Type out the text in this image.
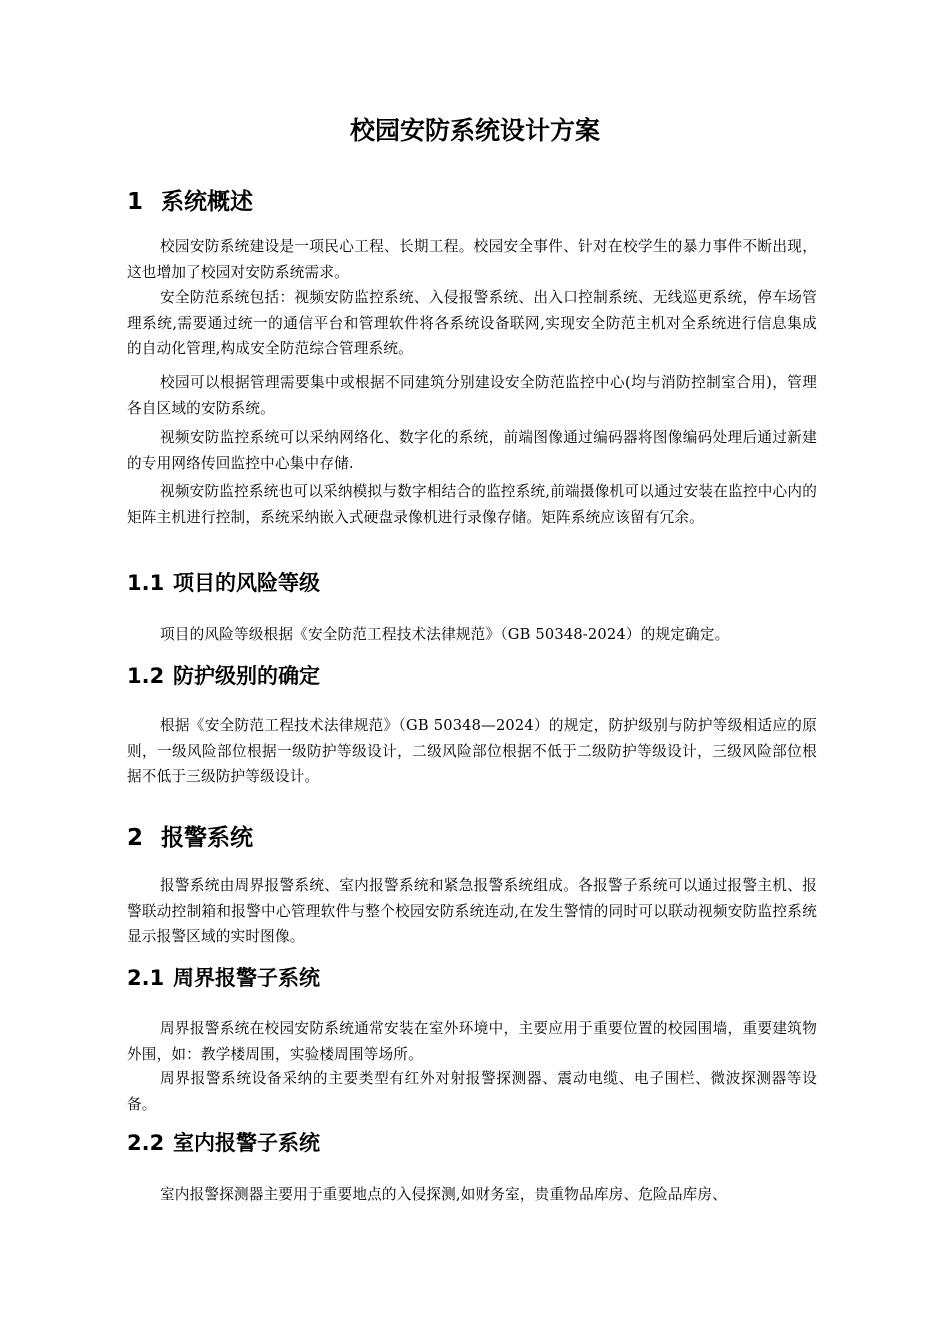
校园安防系统设计方案
1 系统概述

校园安防系统建设是一项民心工程、长期工程。校园安全事件、针对在校学生的暴力事件不断出现，这也增加了校园对安防系统需求。

安全防范系统包括：视频安防监控系统、入侵报警系统、出入口控制系统、无线巡更系统，停车场管理系统,需要通过统一的通信平台和管理软件将各系统设备联网,实现安全防范主机对全系统进行信息集成的自动化管理,构成安全防范综合管理系统。

校园可以根据管理需要集中或根据不同建筑分别建设安全防范监控中心(均与消防控制室合用)，管理各自区域的安防系统。

视频安防监控系统可以采纳网络化、数字化的系统，前端图像通过编码器将图像编码处理后通过新建的专用网络传回监控中心集中存储.

视频安防监控系统也可以采纳模拟与数字相结合的监控系统,前端摄像机可以通过安装在监控中心内的矩阵主机进行控制，系统采纳嵌入式硬盘录像机进行录像存储。矩阵系统应该留有冗余。

1.1 项目的风险等级

项目的风险等级根据《安全防范工程技术法律规范》（GB 50348-2024）的规定确定。

1.2 防护级别的确定

根据《安全防范工程技术法律规范》（GB 50348—2024）的规定，防护级别与防护等级相适应的原则，一级风险部位根据一级防护等级设计，二级风险部位根据不低于二级防护等级设计，三级风险部位根据不低于三级防护等级设计。

2 报警系统

报警系统由周界报警系统、室内报警系统和紧急报警系统组成。各报警子系统可以通过报警主机、报警联动控制箱和报警中心管理软件与整个校园安防系统连动,在发生警情的同时可以联动视频安防监控系统显示报警区域的实时图像。

2.1 周界报警子系统

周界报警系统在校园安防系统通常安装在室外环境中，主要应用于重要位置的校园围墙，重要建筑物外围，如：教学楼周围，实验楼周围等场所。

周界报警系统设备采纳的主要类型有红外对射报警探测器、震动电缆、电子围栏、微波探测器等设备。

2.2 室内报警子系统

室内报警探测器主要用于重要地点的入侵探测,如财务室，贵重物品库房、危险品库房、
